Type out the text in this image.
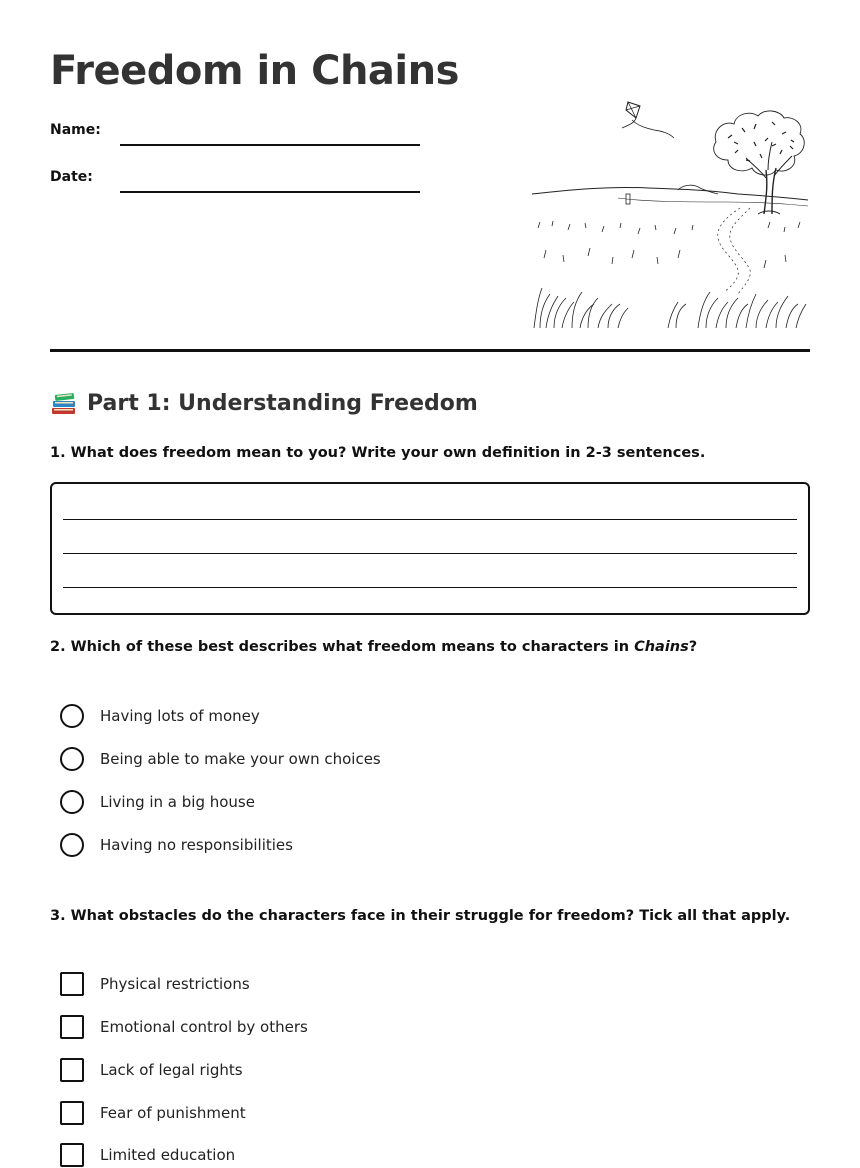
Freedom in Chains
Name:
Date:
Part 1: Understanding Freedom

1. What does freedom mean to you? Write your own definition in 2-3 sentences.

2. Which of these best describes what freedom means to characters in Chains?

Having lots of money
Being able to make your own choices
Living in a big house
Having no responsibilities

3. What obstacles do the characters face in their struggle for freedom? Tick all that apply.

Physical restrictions
Emotional control by others
Lack of legal rights
Fear of punishment
Limited education
